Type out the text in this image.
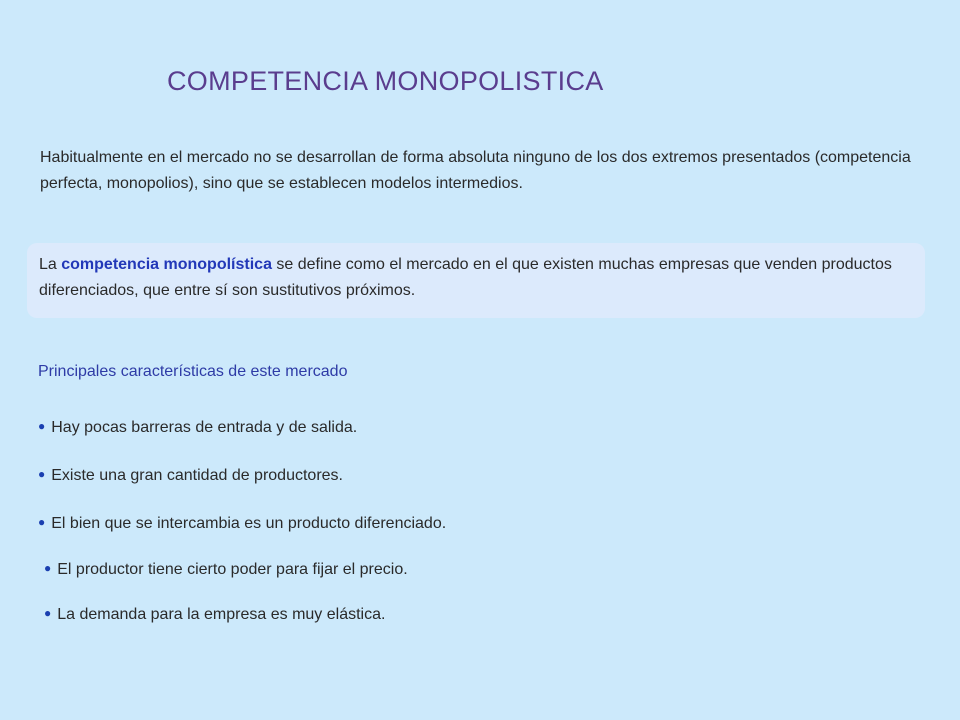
COMPETENCIA MONOPOLISTICA
Habitualmente en el mercado no se desarrollan de forma absoluta ninguno de los dos extremos presentados (competencia perfecta, monopolios), sino que se establecen modelos intermedios.
La competencia monopolística se define como el mercado en el que existen muchas empresas que venden productos diferenciados, que entre sí son sustitutivos próximos.
Principales características de este mercado
● Hay pocas barreras de entrada y de salida.
● Existe una gran cantidad de productores.
● El bien que se intercambia es un producto diferenciado.
● El productor tiene cierto poder para fijar el precio.
● La demanda para la empresa es muy elástica.
